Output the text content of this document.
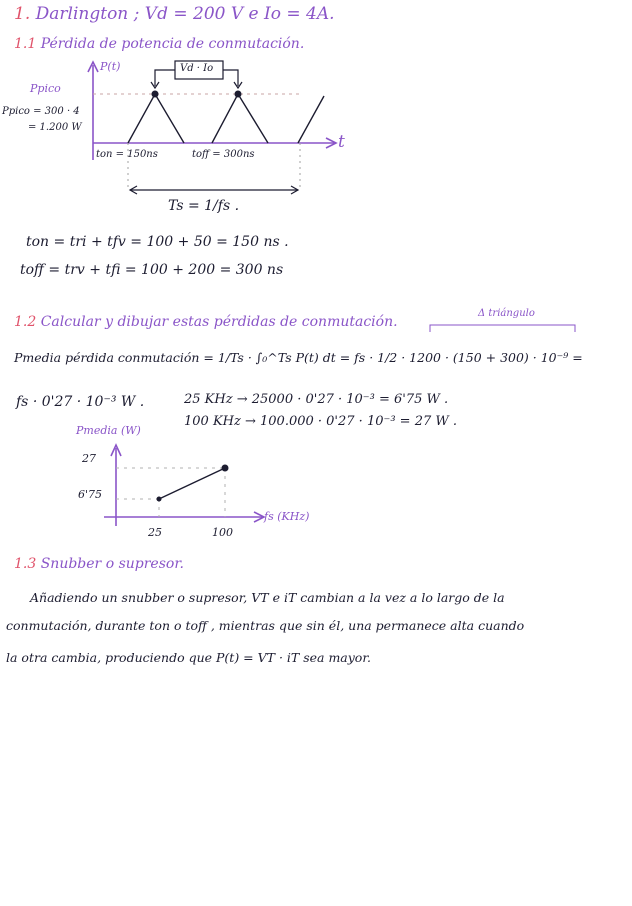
1. Darlington ; Vd = 200 V e Io = 4A.
1.1 Pérdida de potencia de conmutación.
P(t)
t
Ppico
Ppico = 300 · 4
= 1.200 W
Vd · Io
ton = 150ns	toff = 300ns
Ts = 1/fs .
ton = tri + tfv = 100 + 50 = 150 ns .
toff = trv + tfi = 100 + 200 = 300 ns
1.2 Calcular y dibujar estas pérdidas de conmutación.
Δ triángulo
Pmedia pérdida conmutación = 1/Ts · ∫₀^Ts P(t) dt = fs · 1/2 · 1200 · (150 + 300) · 10⁻⁹ =
fs · 0'27 · 10⁻³ W .	25 KHz → 25000 · 0'27 · 10⁻³ = 6'75 W .
100 KHz → 100.000 · 0'27 · 10⁻³ = 27 W .
Pmedia (W)
fs (KHz)
27
6'75
25	100
1.3 Snubber o supresor.
Añadiendo un snubber o supresor, VT e iT cambian a la vez a lo largo de la
conmutación, durante ton o toff , mientras que sin él, una permanece alta cuando
la otra cambia, produciendo que P(t) = VT · iT sea mayor.
